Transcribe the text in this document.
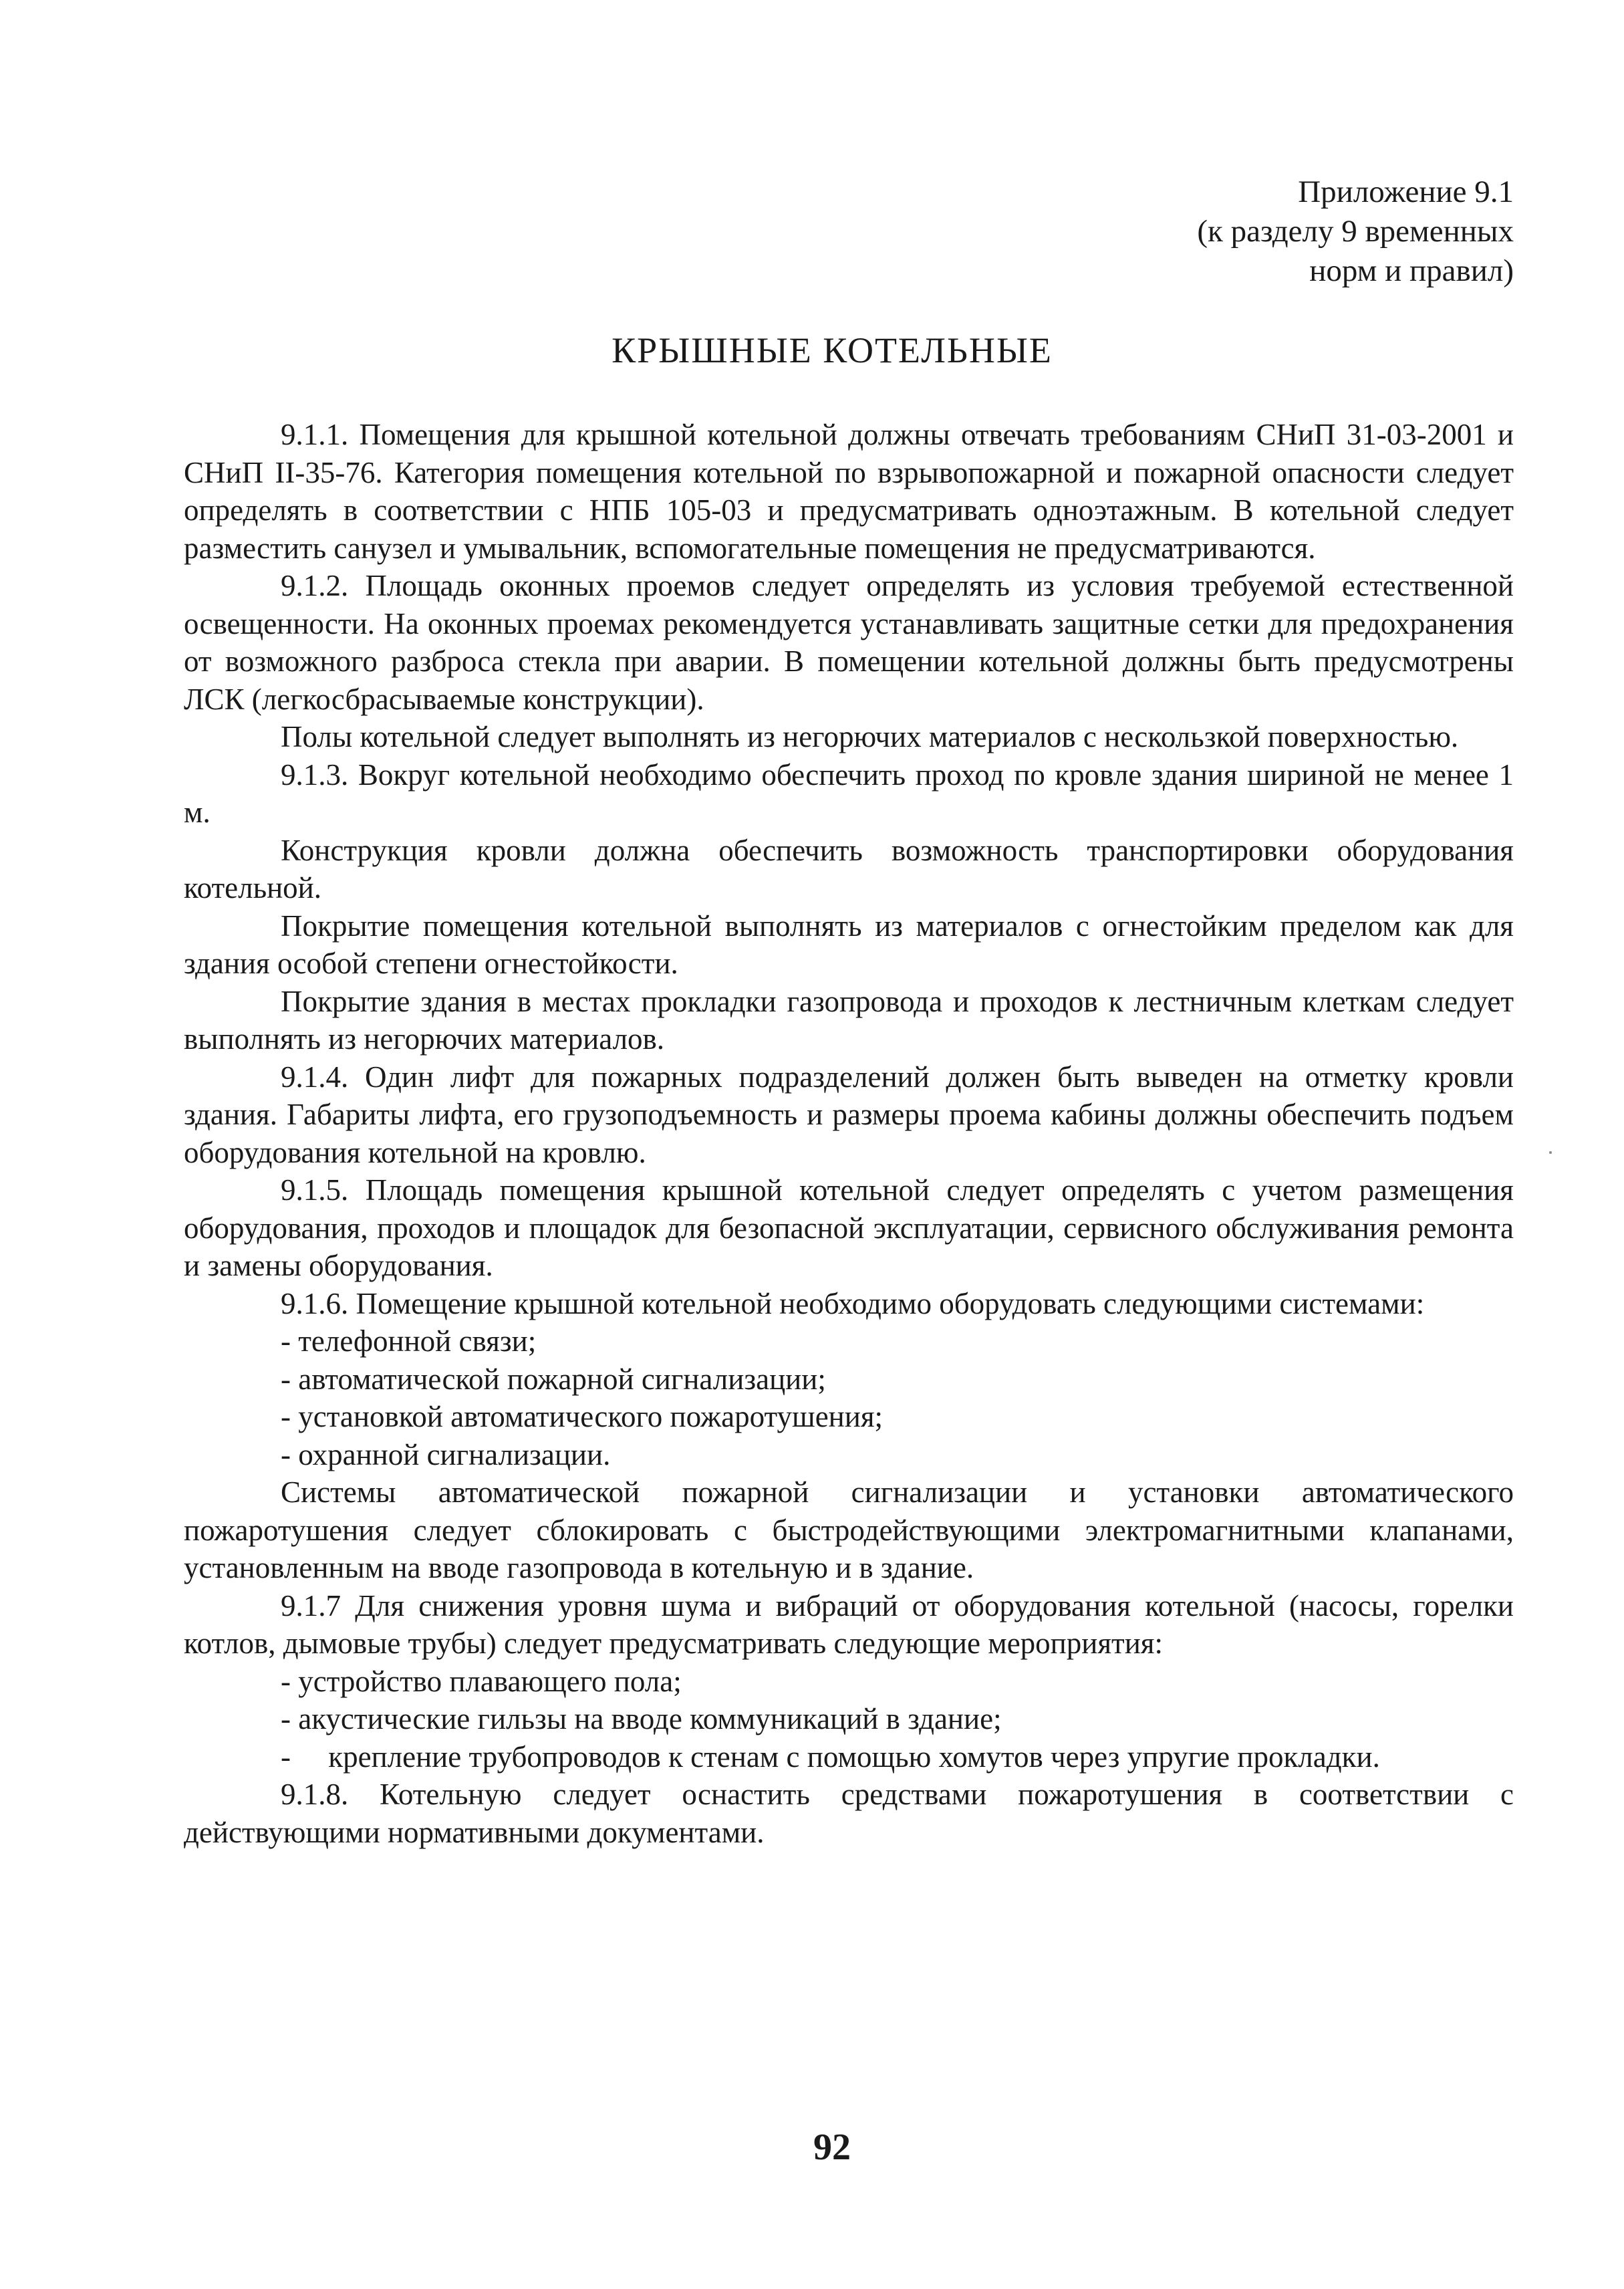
Приложение 9.1
(к разделу 9 временных
норм и правил)
КРЫШНЫЕ КОТЕЛЬНЫЕ

9.1.1. Помещения для крышной котельной должны отвечать требованиям СНиП 31-03-2001 и СНиП II-35-76. Категория помещения котельной по взрывопожарной и пожарной опасности следует определять в соответствии с НПБ 105-03 и предусматривать одноэтажным. В котельной следует разместить санузел и умывальник, вспомогательные помещения не предусматриваются.

9.1.2. Площадь оконных проемов следует определять из условия требуемой естественной освещенности. На оконных проемах рекомендуется устанавливать защитные сетки для предохранения от возможного разброса стекла при аварии. В помещении котельной должны быть предусмотрены ЛСК (легкосбрасываемые конструкции).

Полы котельной следует выполнять из негорючих материалов с нескользкой поверхностью.

9.1.3. Вокруг котельной необходимо обеспечить проход по кровле здания шириной не менее 1 м.

Конструкция кровли должна обеспечить возможность транспортировки оборудования котельной.

Покрытие помещения котельной выполнять из материалов с огнестойким пределом как для здания особой степени огнестойкости.

Покрытие здания в местах прокладки газопровода и проходов к лестничным клеткам следует выполнять из негорючих материалов.

9.1.4. Один лифт для пожарных подразделений должен быть выведен на отметку кровли здания. Габариты лифта, его грузоподъемность и размеры проема кабины должны обеспечить подъем оборудования котельной на кровлю.

9.1.5. Площадь помещения крышной котельной следует определять с учетом размещения оборудования, проходов и площадок для безопасной эксплуатации, сервисного обслуживания ремонта и замены оборудования.

9.1.6. Помещение крышной котельной необходимо оборудовать следующими системами:

- телефонной связи;

- автоматической пожарной сигнализации;

- установкой автоматического пожаротушения;

- охранной сигнализации.

Системы автоматической пожарной сигнализации и установки автоматического пожаротушения следует сблокировать с быстродействующими электромагнитными клапанами, установленным на вводе газопровода в котельную и в здание.

9.1.7 Для снижения уровня шума и вибраций от оборудования котельной (насосы, горелки котлов, дымовые трубы) следует предусматривать следующие мероприятия:

- устройство плавающего пола;

- акустические гильзы на вводе коммуникаций в здание;

-     крепление трубопроводов к стенам с помощью хомутов через упругие прокладки.

9.1.8. Котельную следует оснастить средствами пожаротушения в соответствии с действующими нормативными документами.

92
